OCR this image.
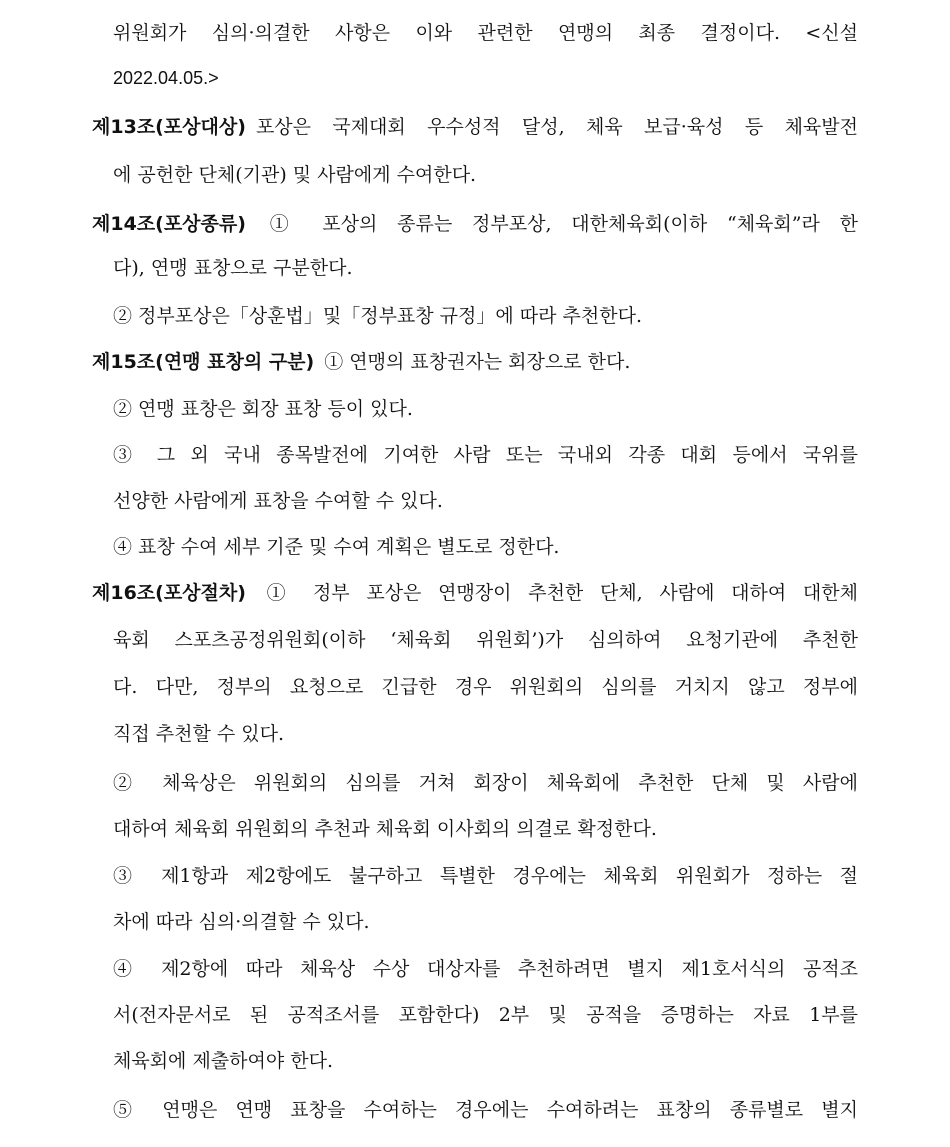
위원회가 심의·의결한 사항은 이와 관련한 연맹의 최종 결정이다. <신설
2022.04.05.>
제13조(포상대상) 포상은 국제대회 우수성적 달성, 체육 보급·육성 등 체육발전
에 공헌한 단체(기관) 및 사람에게 수여한다.
제14조(포상종류) ① 포상의 종류는 정부포상, 대한체육회(이하 “체육회”라 한
다), 연맹 표창으로 구분한다.
② 정부포상은「상훈법」및「정부표창 규정」에 따라 추천한다.
제15조(연맹 표창의 구분) ① 연맹의 표창권자는 회장으로 한다.
② 연맹 표창은 회장 표창 등이 있다.
③ 그 외 국내 종목발전에 기여한 사람 또는 국내외 각종 대회 등에서 국위를
선양한 사람에게 표창을 수여할 수 있다.
④ 표창 수여 세부 기준 및 수여 계획은 별도로 정한다.
제16조(포상절차) ① 정부 포상은 연맹장이 추천한 단체, 사람에 대하여 대한체
육회 스포츠공정위원회(이하 ‘체육회 위원회’)가 심의하여 요청기관에 추천한
다. 다만, 정부의 요청으로 긴급한 경우 위원회의 심의를 거치지 않고 정부에
직접 추천할 수 있다.
② 체육상은 위원회의 심의를 거쳐 회장이 체육회에 추천한 단체 및 사람에
대하여 체육회 위원회의 추천과 체육회 이사회의 의결로 확정한다.
③ 제1항과 제2항에도 불구하고 특별한 경우에는 체육회 위원회가 정하는 절
차에 따라 심의·의결할 수 있다.
④ 제2항에 따라 체육상 수상 대상자를 추천하려면 별지 제1호서식의 공적조
서(전자문서로 된 공적조서를 포함한다) 2부 및 공적을 증명하는 자료 1부를
체육회에 제출하여야 한다.
⑤ 연맹은 연맹 표창을 수여하는 경우에는 수여하려는 표창의 종류별로 별지
